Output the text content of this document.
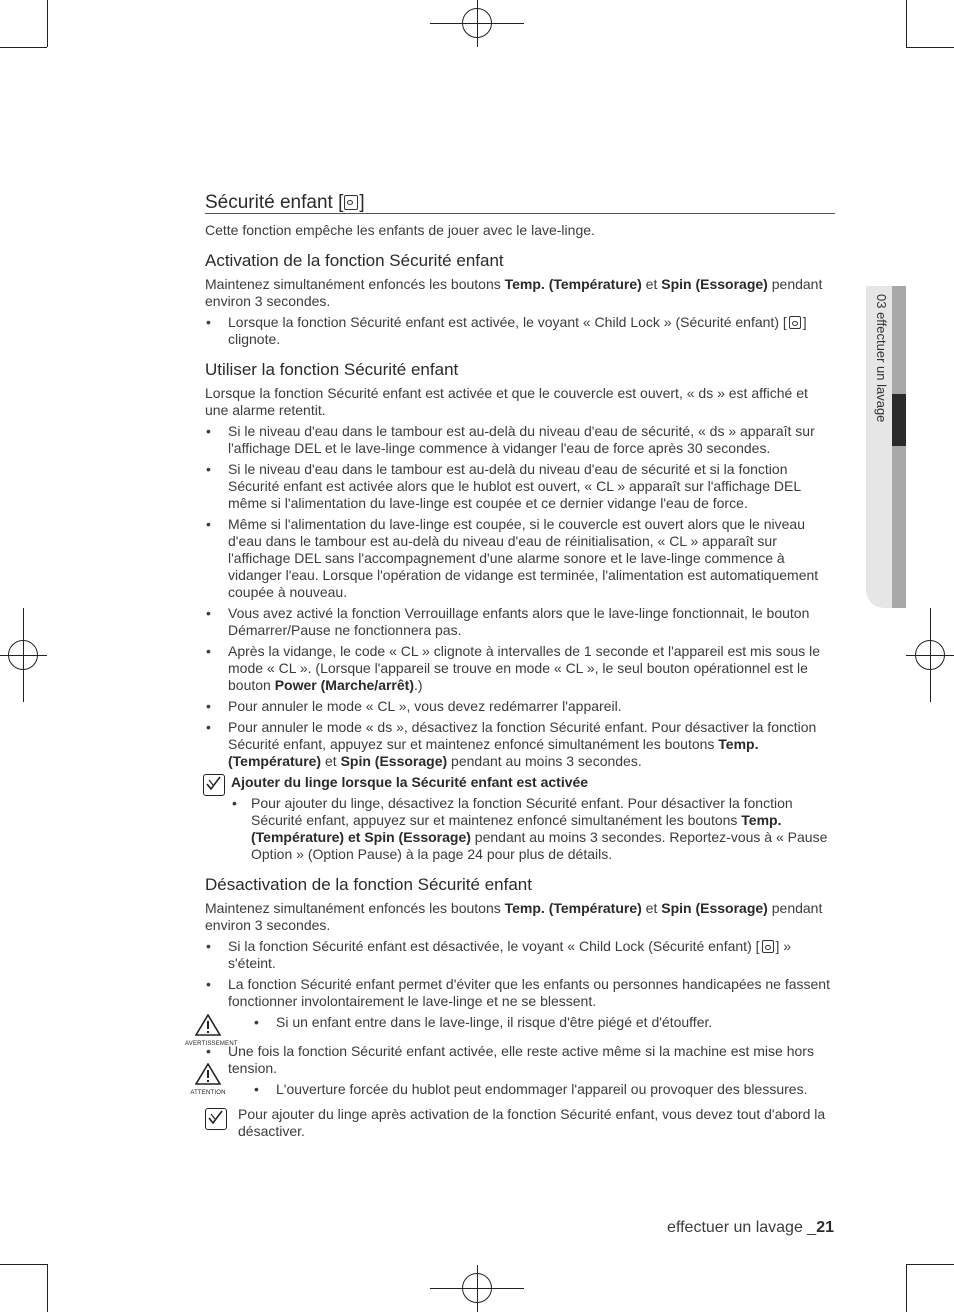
03 effectuer un lavage
Sécurité enfant [ ]

Cette fonction empêche les enfants de jouer avec le lave-linge.

Activation de la fonction Sécurité enfant

Maintenez simultanément enfoncés les boutons Temp. (Température) et Spin (Essorage) pendant environ 3 secondes.

• Lorsque la fonction Sécurité enfant est activée, le voyant « Child Lock » (Sécurité enfant) [ ] clignote.
Utiliser la fonction Sécurité enfant

Lorsque la fonction Sécurité enfant est activée et que le couvercle est ouvert, « ds » est affiché et une alarme retentit.

• Si le niveau d'eau dans le tambour est au-delà du niveau d'eau de sécurité, « ds » apparaît sur l'affichage DEL et le lave-linge commence à vidanger l'eau de force après 30 secondes.
• Si le niveau d'eau dans le tambour est au-delà du niveau d'eau de sécurité et si la fonction Sécurité enfant est activée alors que le hublot est ouvert, « CL » apparaît sur l'affichage DEL même si l'alimentation du lave-linge est coupée et ce dernier vidange l'eau de force.
• Même si l'alimentation du lave-linge est coupée, si le couvercle est ouvert alors que le niveau d'eau dans le tambour est au-delà du niveau d'eau de réinitialisation, « CL » apparaît sur l'affichage DEL sans l'accompagnement d'une alarme sonore et le lave-linge commence à vidanger l'eau. Lorsque l'opération de vidange est terminée, l'alimentation est automatiquement coupée à nouveau.
• Vous avez activé la fonction Verrouillage enfants alors que le lave-linge fonctionnait, le bouton Démarrer/Pause ne fonctionnera pas.
• Après la vidange, le code « CL » clignote à intervalles de 1 seconde et l'appareil est mis sous le mode « CL ». (Lorsque l'appareil se trouve en mode « CL », le seul bouton opérationnel est le bouton Power (Marche/arrêt).)
• Pour annuler le mode « CL », vous devez redémarrer l'appareil.
• Pour annuler le mode « ds », désactivez la fonction Sécurité enfant. Pour désactiver la fonction Sécurité enfant, appuyez sur et maintenez enfoncé simultanément les boutons Temp. (Température) et Spin (Essorage) pendant au moins 3 secondes.
Ajouter du linge lorsque la Sécurité enfant est activée
• Pour ajouter du linge, désactivez la fonction Sécurité enfant. Pour désactiver la fonction Sécurité enfant, appuyez sur et maintenez enfoncé simultanément les boutons Temp. (Température) et Spin (Essorage) pendant au moins 3 secondes. Reportez-vous à « Pause Option » (Option Pause) à la page 24 pour plus de détails.
Désactivation de la fonction Sécurité enfant

Maintenez simultanément enfoncés les boutons Temp. (Température) et Spin (Essorage) pendant environ 3 secondes.

• Si la fonction Sécurité enfant est désactivée, le voyant « Child Lock (Sécurité enfant) [ ] » s'éteint.
• La fonction Sécurité enfant permet d'éviter que les enfants ou personnes handicapées ne fassent fonctionner involontairement le lave-linge et ne se blessent.
AVERTISSEMENT
• Si un enfant entre dans le lave-linge, il risque d'être piégé et d'étouffer.
• Une fois la fonction Sécurité enfant activée, elle reste active même si la machine est mise hors tension.
ATTENTION
•	L'ouverture forcée du hublot peut endommager l'appareil ou provoquer des blessures.

Pour ajouter du linge après activation de la fonction Sécurité enfant, vous devez tout d'abord la désactiver.

effectuer un lavage _21
